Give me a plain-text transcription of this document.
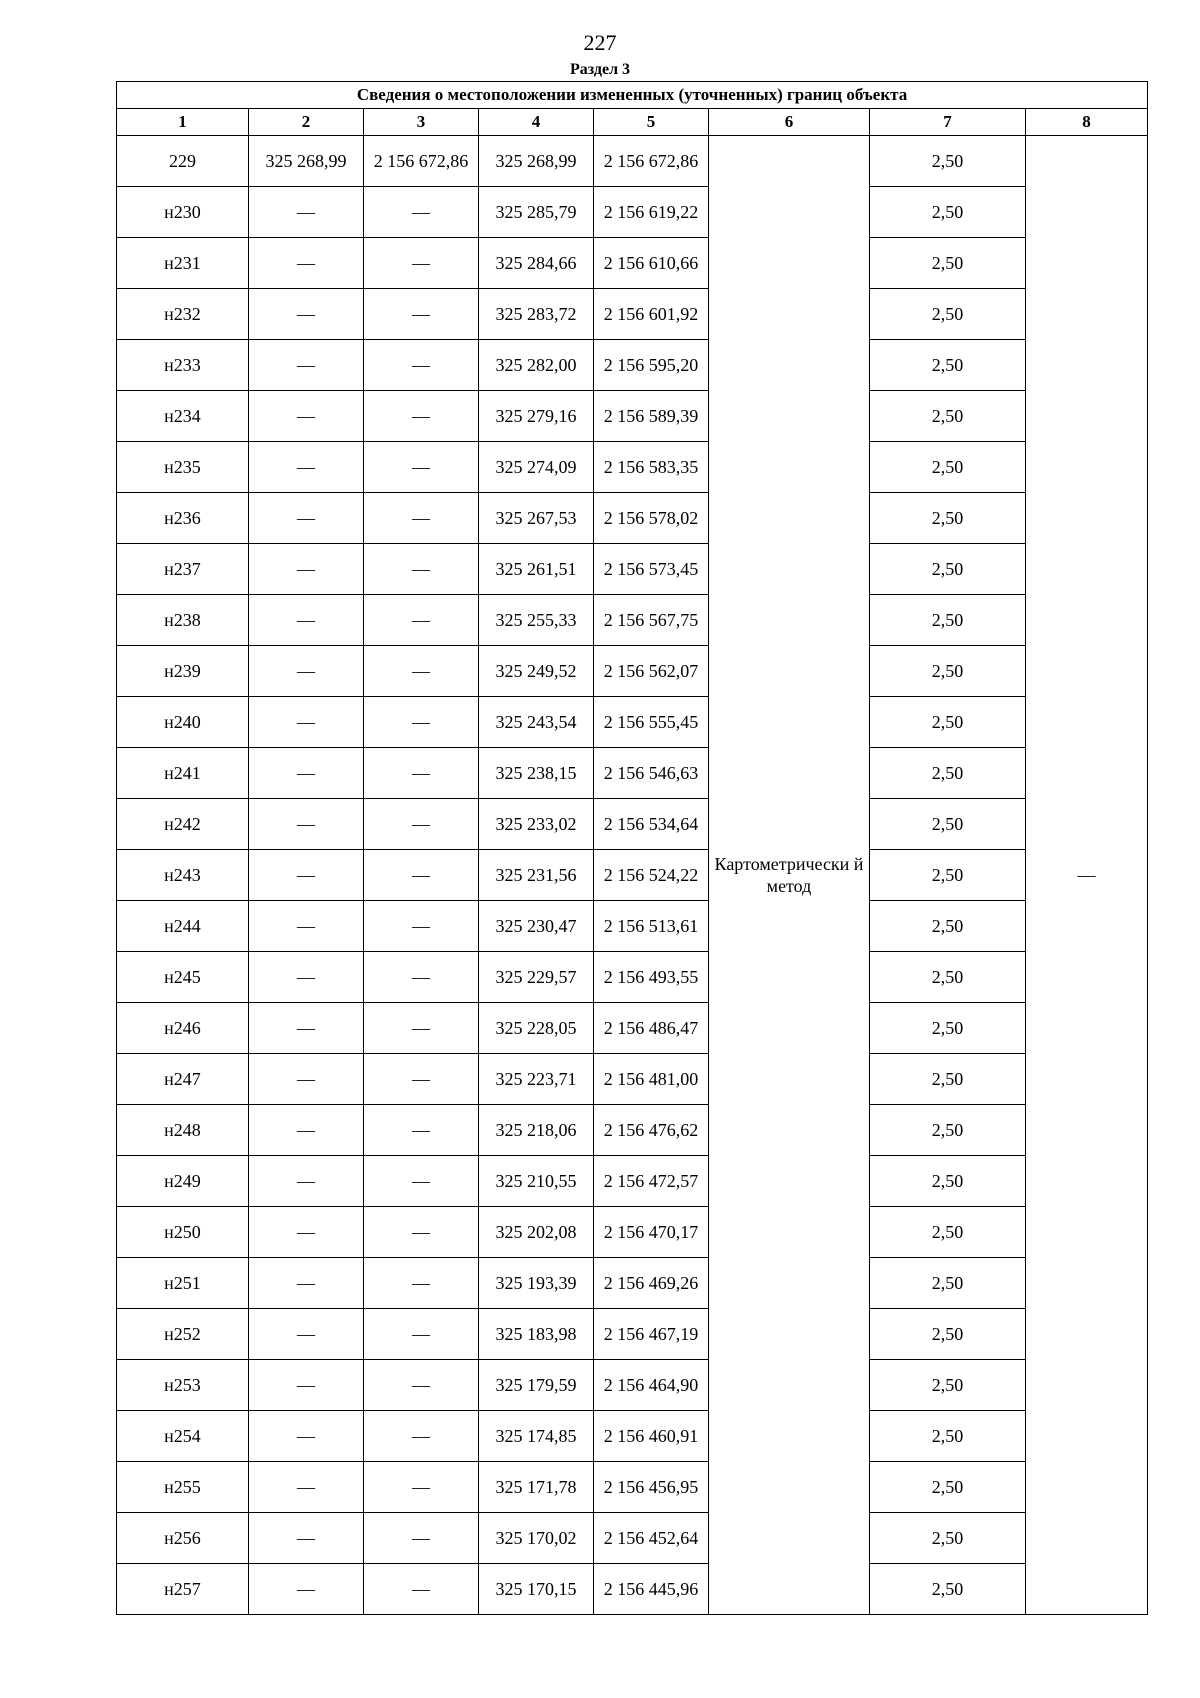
227
Раздел 3
Сведения о местоположении измененных (уточненных) границ объекта							
1	2	3	4	5	6	7	8
229	325 268,99	2 156 672,86	325 268,99	2 156 672,86	Картометрически й метод	2,50	—
н230	—	—	325 285,79	2 156 619,22		2,50	
н231	—	—	325 284,66	2 156 610,66		2,50	
н232	—	—	325 283,72	2 156 601,92		2,50	
н233	—	—	325 282,00	2 156 595,20		2,50	
н234	—	—	325 279,16	2 156 589,39		2,50	
н235	—	—	325 274,09	2 156 583,35		2,50	
н236	—	—	325 267,53	2 156 578,02		2,50	
н237	—	—	325 261,51	2 156 573,45		2,50	
н238	—	—	325 255,33	2 156 567,75		2,50	
н239	—	—	325 249,52	2 156 562,07		2,50	
н240	—	—	325 243,54	2 156 555,45		2,50	
н241	—	—	325 238,15	2 156 546,63		2,50	
н242	—	—	325 233,02	2 156 534,64		2,50	
н243	—	—	325 231,56	2 156 524,22		2,50	
н244	—	—	325 230,47	2 156 513,61		2,50	
н245	—	—	325 229,57	2 156 493,55		2,50	
н246	—	—	325 228,05	2 156 486,47		2,50	
н247	—	—	325 223,71	2 156 481,00		2,50	
н248	—	—	325 218,06	2 156 476,62		2,50	
н249	—	—	325 210,55	2 156 472,57		2,50	
н250	—	—	325 202,08	2 156 470,17		2,50	
н251	—	—	325 193,39	2 156 469,26		2,50	
н252	—	—	325 183,98	2 156 467,19		2,50	
н253	—	—	325 179,59	2 156 464,90		2,50	
н254	—	—	325 174,85	2 156 460,91		2,50	
н255	—	—	325 171,78	2 156 456,95		2,50	
н256	—	—	325 170,02	2 156 452,64		2,50	
н257	—	—	325 170,15	2 156 445,96		2,50	
